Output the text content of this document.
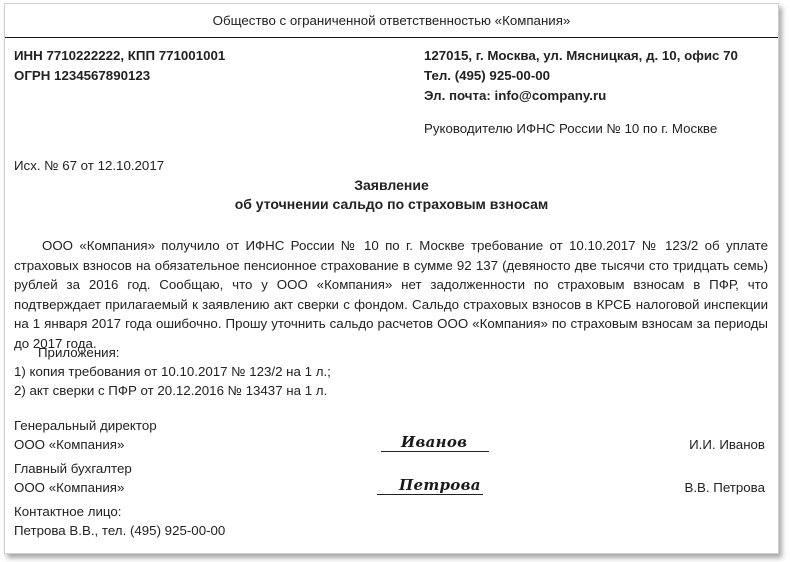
Общество с ограниченной ответственностью «Компания»
ИНН 7710222222, КПП 771001001
ОГРН 1234567890123
127015, г. Москва, ул. Мясницкая, д. 10, офис 70
Тел. (495) 925-00-00
Эл. почта: info@company.ru
Руководителю ИФНС России № 10 по г. Москве
Исх. № 67 от 12.10.2017
Заявление
об уточнении сальдо по страховым взносам
ООО «Компания» получило от ИФНС России № 10 по г. Москве требование от 10.10.2017 № 123/2 об уплате страховых взносов на обязательное пенсионное страхование в сумме 92 137 (девяносто две тысячи сто тридцать семь) рублей за 2016 год. Сообщаю, что у ООО «Компания» нет задолженности по страховым взносам в ПФР, что подтверждает прилагаемый к заявлению акт сверки с фондом. Сальдо страховых взносов в КРСБ налоговой инспекции на 1 января 2017 года ошибочно. Прошу уточнить сальдо расчетов ООО «Компания» по страховым взносам за периоды до 2017 года.
Приложения:
1) копия требования от 10.10.2017 № 123/2 на 1 л.;
2) акт сверки с ПФР от 20.12.2016 № 13437 на 1 л.
Генеральный директор
ООО «Компания»	Иванов	И.И. Иванов
Главный бухгалтер
ООО «Компания»	Петрова	В.В. Петрова
Контактное лицо:
Петрова В.В., тел. (495) 925-00-00
